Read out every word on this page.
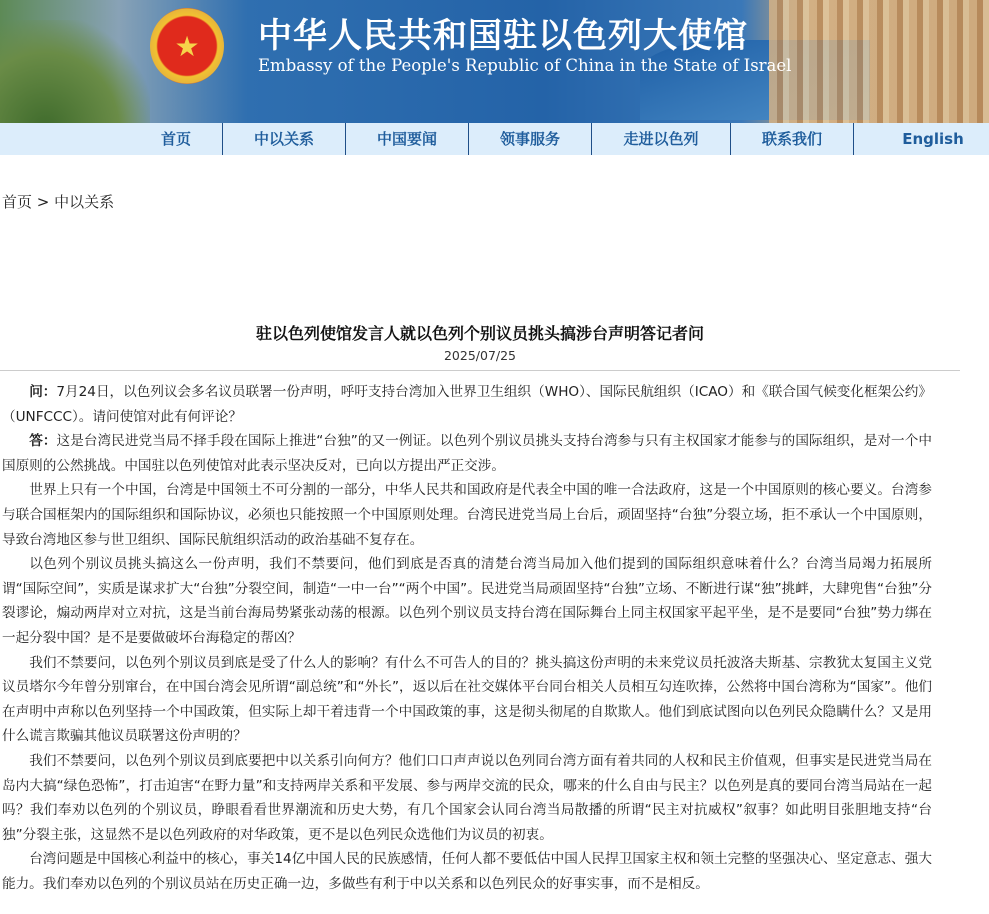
★	中华人民共和国驻以色列大使馆
Embassy of the People's Republic of China in the State of Israel
首页	中以关系	中国要闻	领事服务	走进以色列	联系我们	English
首页 > 中以关系
驻以色列使馆发言人就以色列个别议员挑头搞涉台声明答记者问
2025/07/25

问：7月24日，以色列议会多名议员联署一份声明，呼吁支持台湾加入世界卫生组织（WHO）、国际民航组织（ICAO）和《联合国气候变化框架公约》（UNFCCC）。请问使馆对此有何评论？

答：这是台湾民进党当局不择手段在国际上推进“台独”的又一例证。以色列个别议员挑头支持台湾参与只有主权国家才能参与的国际组织，是对一个中国原则的公然挑战。中国驻以色列使馆对此表示坚决反对，已向以方提出严正交涉。

世界上只有一个中国，台湾是中国领土不可分割的一部分，中华人民共和国政府是代表全中国的唯一合法政府，这是一个中国原则的核心要义。台湾参与联合国框架内的国际组织和国际协议，必须也只能按照一个中国原则处理。台湾民进党当局上台后，顽固坚持“台独”分裂立场，拒不承认一个中国原则，导致台湾地区参与世卫组织、国际民航组织活动的政治基础不复存在。

以色列个别议员挑头搞这么一份声明，我们不禁要问，他们到底是否真的清楚台湾当局加入他们提到的国际组织意味着什么？台湾当局竭力拓展所谓“国际空间”，实质是谋求扩大“台独”分裂空间，制造“一中一台”“两个中国”。民进党当局顽固坚持“台独”立场、不断进行谋“独”挑衅，大肆兜售“台独”分裂谬论，煽动两岸对立对抗，这是当前台海局势紧张动荡的根源。以色列个别议员支持台湾在国际舞台上同主权国家平起平坐，是不是要同“台独”势力绑在一起分裂中国？是不是要做破坏台海稳定的帮凶？

我们不禁要问，以色列个别议员到底是受了什么人的影响？有什么不可告人的目的？挑头搞这份声明的未来党议员托波洛夫斯基、宗教犹太复国主义党议员塔尔今年曾分别窜台，在中国台湾会见所谓“副总统”和“外长”，返以后在社交媒体平台同台相关人员相互勾连吹捧，公然将中国台湾称为“国家”。他们在声明中声称以色列坚持一个中国政策，但实际上却干着违背一个中国政策的事，这是彻头彻尾的自欺欺人。他们到底试图向以色列民众隐瞒什么？又是用什么谎言欺骗其他议员联署这份声明的？

我们不禁要问，以色列个别议员到底要把中以关系引向何方？他们口口声声说以色列同台湾方面有着共同的人权和民主价值观，但事实是民进党当局在岛内大搞“绿色恐怖”，打击迫害“在野力量”和支持两岸关系和平发展、参与两岸交流的民众，哪来的什么自由与民主？以色列是真的要同台湾当局站在一起吗？我们奉劝以色列的个别议员，睁眼看看世界潮流和历史大势，有几个国家会认同台湾当局散播的所谓“民主对抗威权”叙事？如此明目张胆地支持“台独”分裂主张，这显然不是以色列政府的对华政策，更不是以色列民众选他们为议员的初衷。

台湾问题是中国核心利益中的核心，事关14亿中国人民的民族感情，任何人都不要低估中国人民捍卫国家主权和领土完整的坚强决心、坚定意志、强大能力。我们奉劝以色列的个别议员站在历史正确一边，多做些有利于中以关系和以色列民众的好事实事，而不是相反。
